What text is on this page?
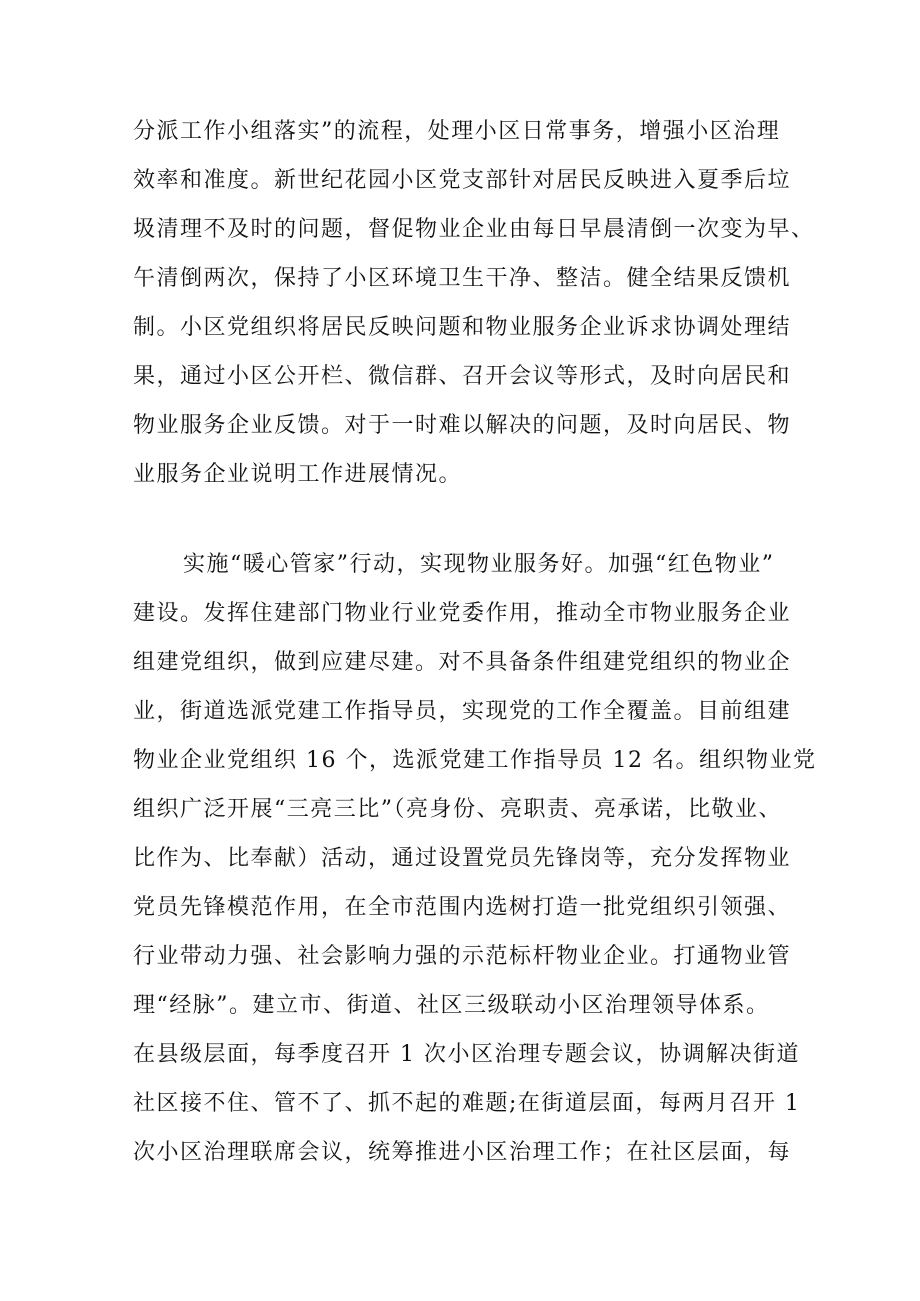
分派工作小组落实”的流程，处理小区日常事务，增强小区治理
效率和准度。新世纪花园小区党支部针对居民反映进入夏季后垃
圾清理不及时的问题，督促物业企业由每日早晨清倒一次变为早、
午清倒两次，保持了小区环境卫生干净、整洁。健全结果反馈机
制。小区党组织将居民反映问题和物业服务企业诉求协调处理结
果，通过小区公开栏、微信群、召开会议等形式，及时向居民和
物业服务企业反馈。对于一时难以解决的问题，及时向居民、物
业服务企业说明工作进展情况。
实施“暖心管家”行动，实现物业服务好。加强“红色物业”
建设。发挥住建部门物业行业党委作用，推动全市物业服务企业
组建党组织，做到应建尽建。对不具备条件组建党组织的物业企
业，街道选派党建工作指导员，实现党的工作全覆盖。目前组建
物业企业党组织 16 个，选派党建工作指导员 12 名。组织物业党
组织广泛开展“三亮三比”（亮身份、亮职责、亮承诺，比敬业、
比作为、比奉献）活动，通过设置党员先锋岗等，充分发挥物业
党员先锋模范作用，在全市范围内选树打造一批党组织引领强、
行业带动力强、社会影响力强的示范标杆物业企业。打通物业管
理“经脉”。建立市、街道、社区三级联动小区治理领导体系。
在县级层面，每季度召开 1 次小区治理专题会议，协调解决街道
社区接不住、管不了、抓不起的难题;在街道层面，每两月召开 1
次小区治理联席会议，统筹推进小区治理工作；在社区层面，每
